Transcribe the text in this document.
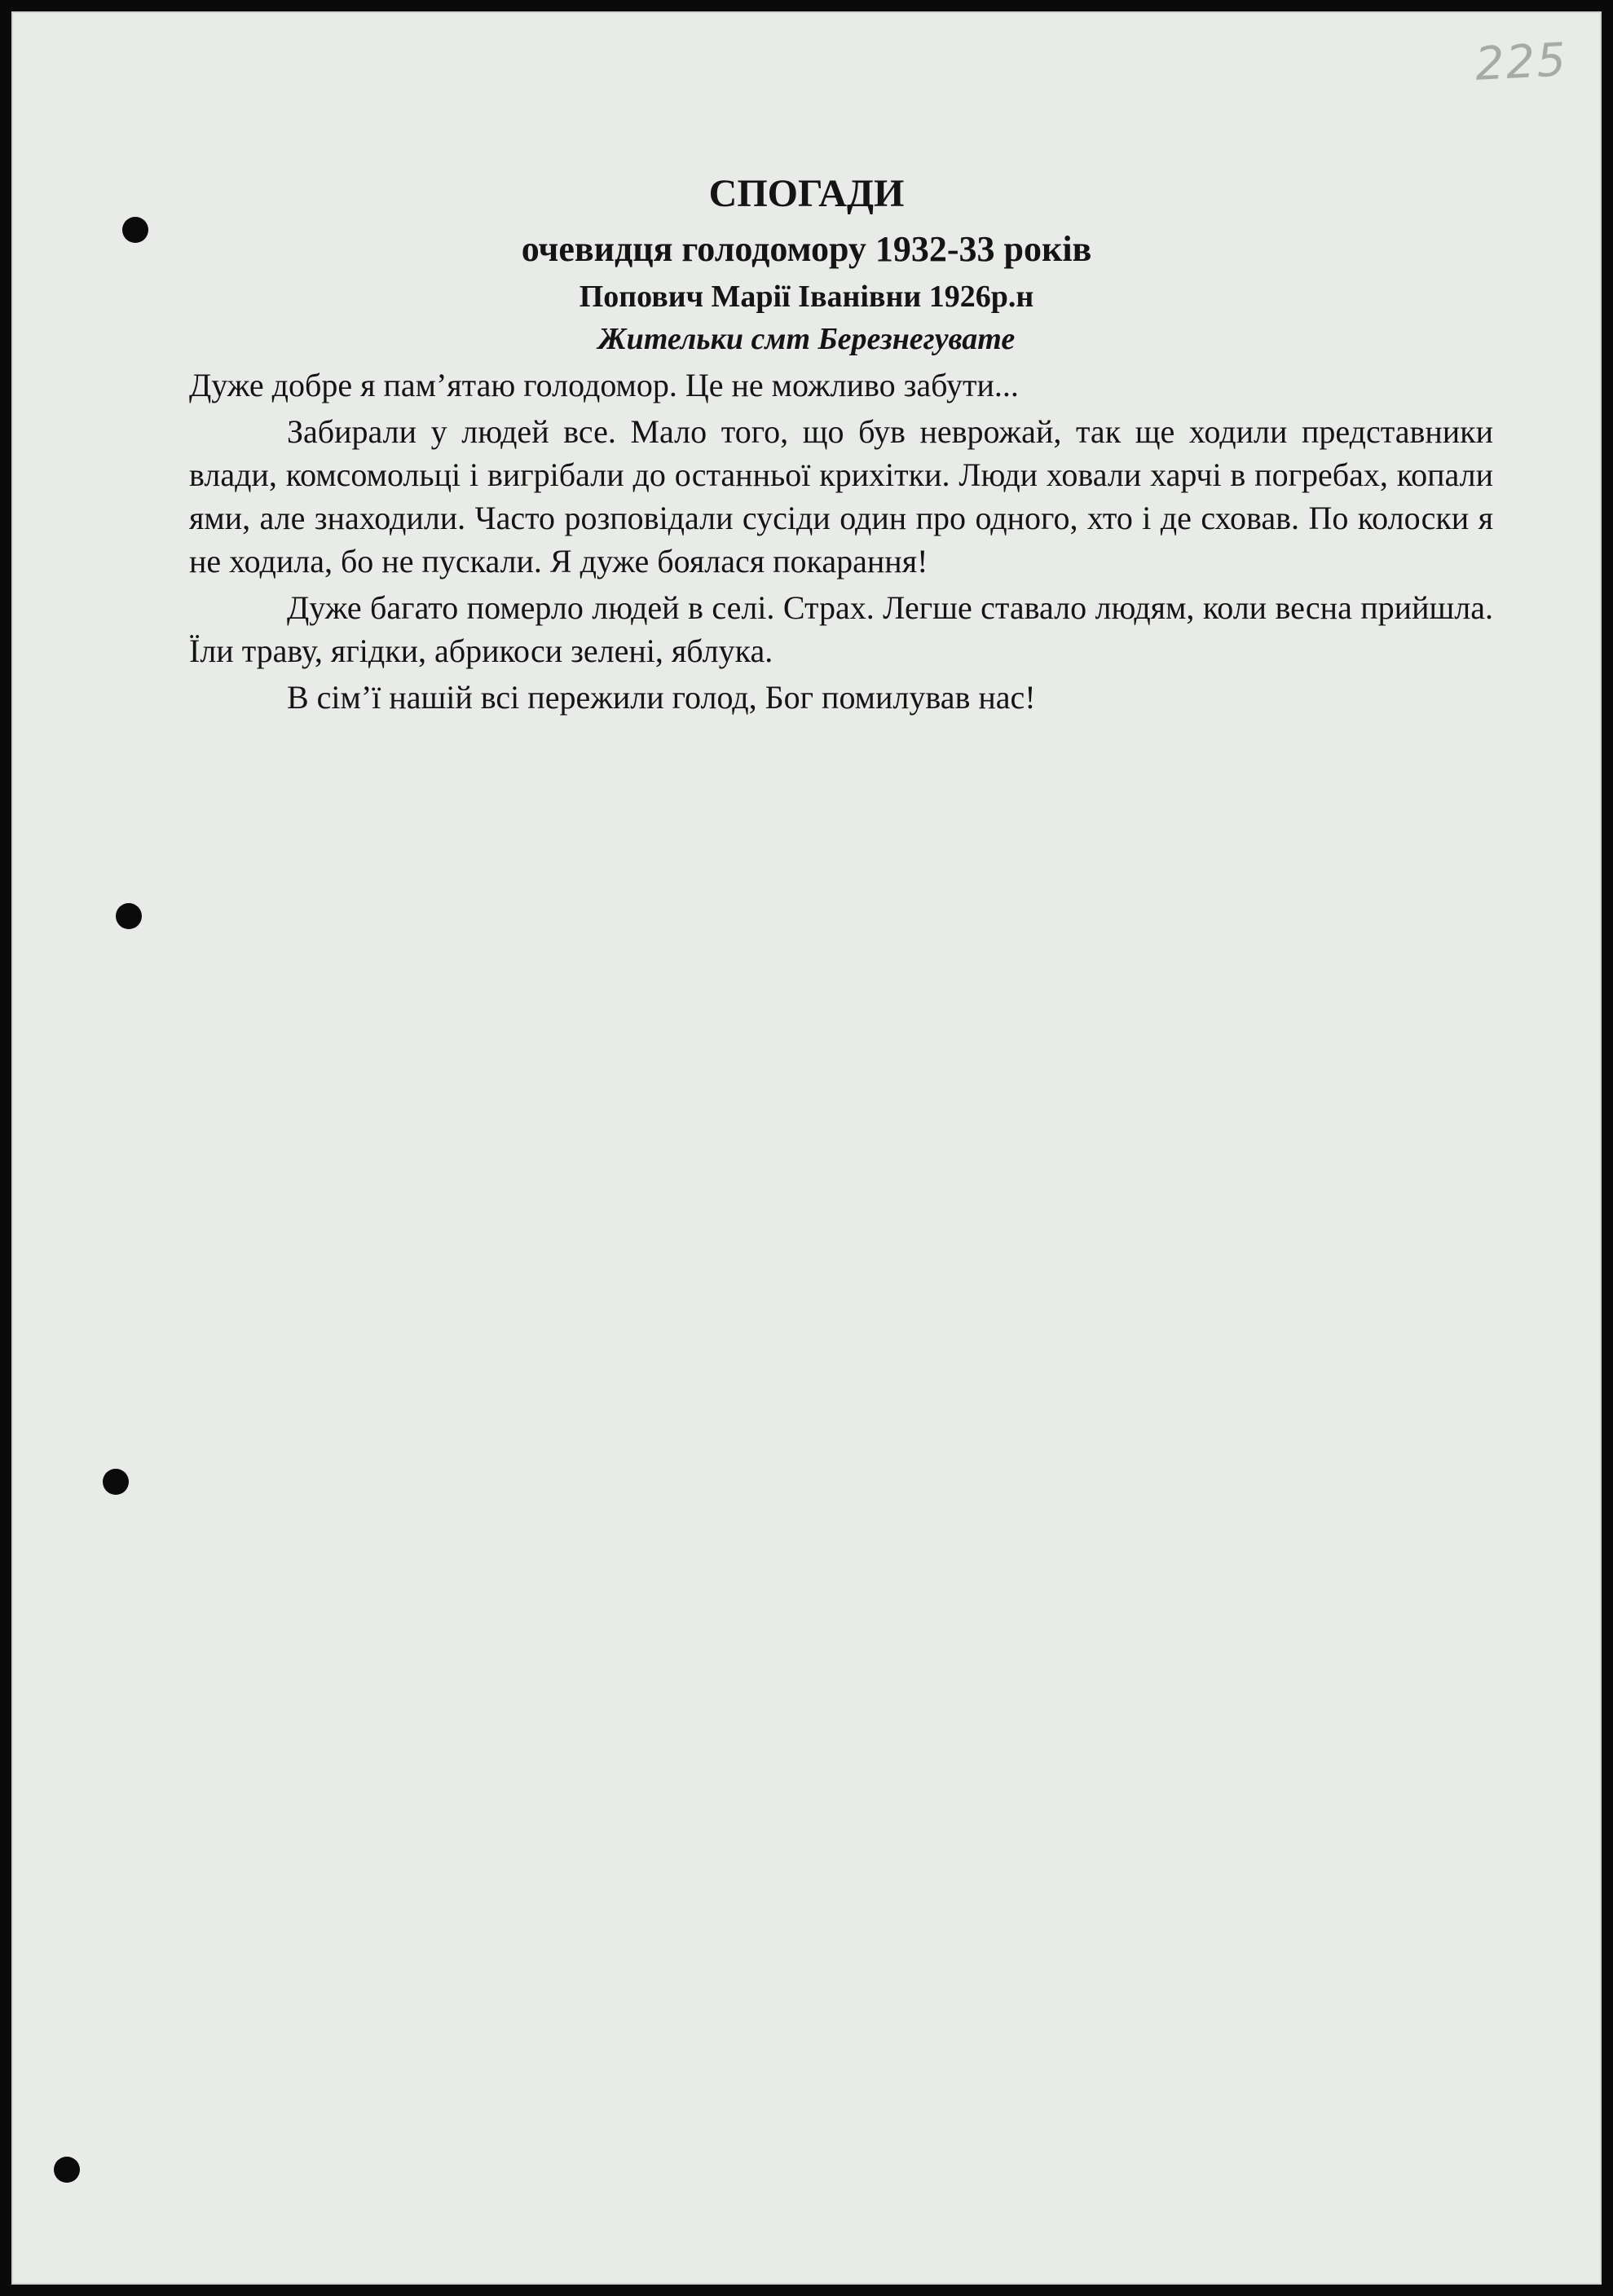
225
СПОГАДИ
очевидця голодомору 1932-33 років
Попович Марії Іванівни 1926р.н
Жительки смт Березнегувате

Дуже добре я пам’ятаю голодомор. Це не можливо забути...

Забирали у людей все. Мало того, що був неврожай, так ще ходили представники влади, комсомольці і вигрібали до останньої крихітки. Люди ховали харчі в погребах, копали ями, але знаходили. Часто розповідали сусіди один про одного, хто і де сховав. По колоски я не ходила, бо не пускали. Я дуже боялася покарання!

Дуже багато померло людей в селі. Страх. Легше ставало людям, коли весна прийшла. Їли траву, ягідки, абрикоси зелені, яблука.

В сім’ї нашій всі пережили голод, Бог помилував нас!
